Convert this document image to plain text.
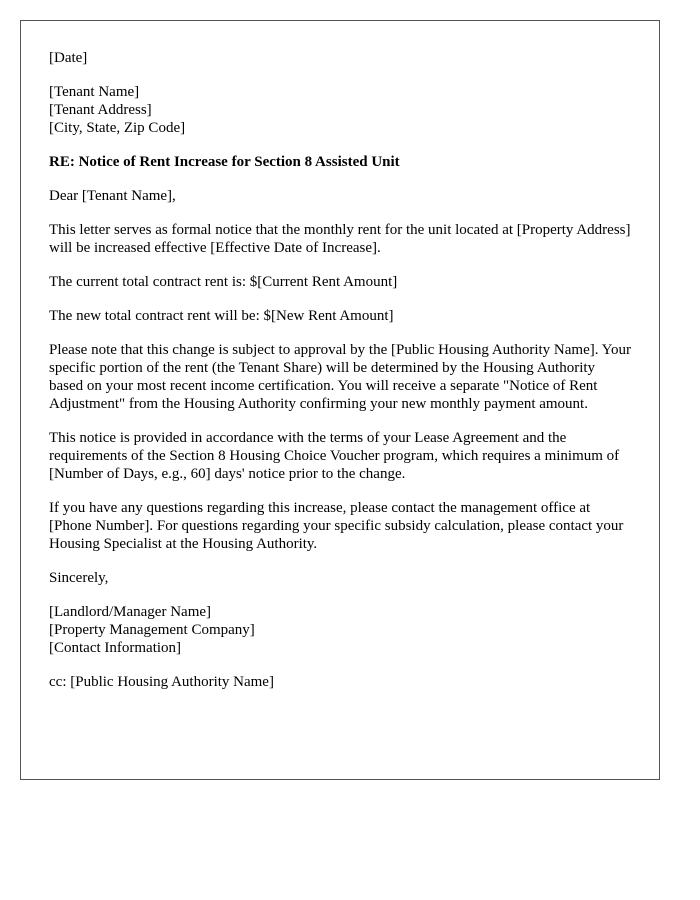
[Date]
[Tenant Name]
[Tenant Address]
[City, State, Zip Code]

RE: Notice of Rent Increase for Section 8 Assisted Unit

Dear [Tenant Name],

This letter serves as formal notice that the monthly rent for the unit located at [Property Address] will be increased effective [Effective Date of Increase].

The current total contract rent is: $[Current Rent Amount]

The new total contract rent will be: $[New Rent Amount]

Please note that this change is subject to approval by the [Public Housing Authority Name]. Your specific portion of the rent (the Tenant Share) will be determined by the Housing Authority based on your most recent income certification. You will receive a separate "Notice of Rent Adjustment" from the Housing Authority confirming your new monthly payment amount.

This notice is provided in accordance with the terms of your Lease Agreement and the requirements of the Section 8 Housing Choice Voucher program, which requires a minimum of [Number of Days, e.g., 60] days' notice prior to the change.

If you have any questions regarding this increase, please contact the management office at [Phone Number]. For questions regarding your specific subsidy calculation, please contact your Housing Specialist at the Housing Authority.

Sincerely,

[Landlord/Manager Name]
[Property Management Company]
[Contact Information]

cc: [Public Housing Authority Name]
